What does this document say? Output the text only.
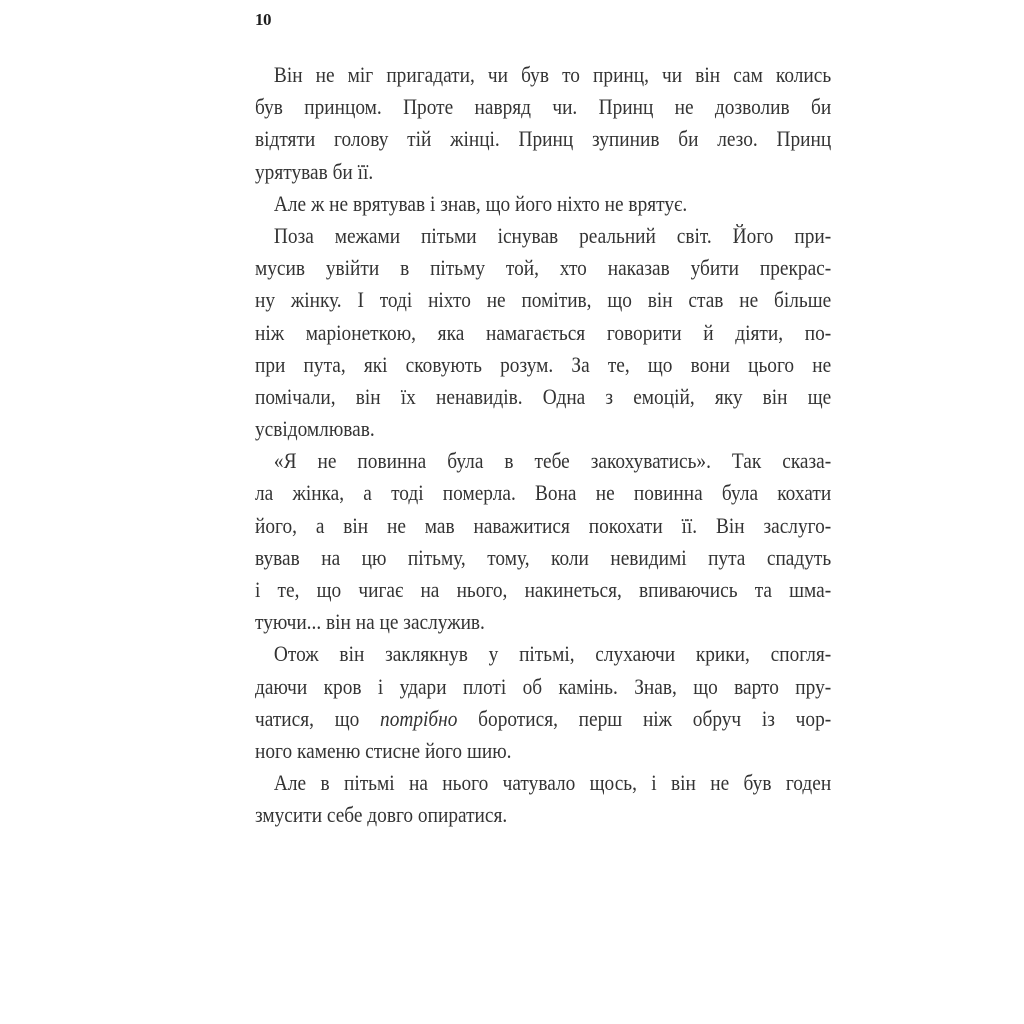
10
Він не міг пригадати, чи був то принц, чи він сам колись
був принцом. Проте навряд чи. Принц не дозволив би
відтяти голову тій жінці. Принц зупинив би лезо. Принц
урятував би її.
Але ж не врятував і знав, що його ніхто не врятує.
Поза межами пітьми існував реальний світ. Його при-
мусив увійти в пітьму той, хто наказав убити прекрас-
ну жінку. І тоді ніхто не помітив, що він став не більше
ніж маріонеткою, яка намагається говорити й діяти, по-
при пута, які сковують розум. За те, що вони цього не
помічали, він їх ненавидів. Одна з емоцій, яку він ще
усвідомлював.
«Я не повинна була в тебе закохуватись». Так сказа-
ла жінка, а тоді померла. Вона не повинна була кохати
його, а він не мав наважитися покохати її. Він заслуго-
вував на цю пітьму, тому, коли невидимі пута спадуть
і те, що чигає на нього, накинеться, впиваючись та шма-
туючи... він на це заслужив.
Отож він заклякнув у пітьмі, слухаючи крики, спогля-
даючи кров і удари плоті об камінь. Знав, що варто пру-
чатися, що потрібно боротися, перш ніж обруч із чор-
ного каменю стисне його шию.
Але в пітьмі на нього чатувало щось, і він не був годен
змусити себе довго опиратися.
